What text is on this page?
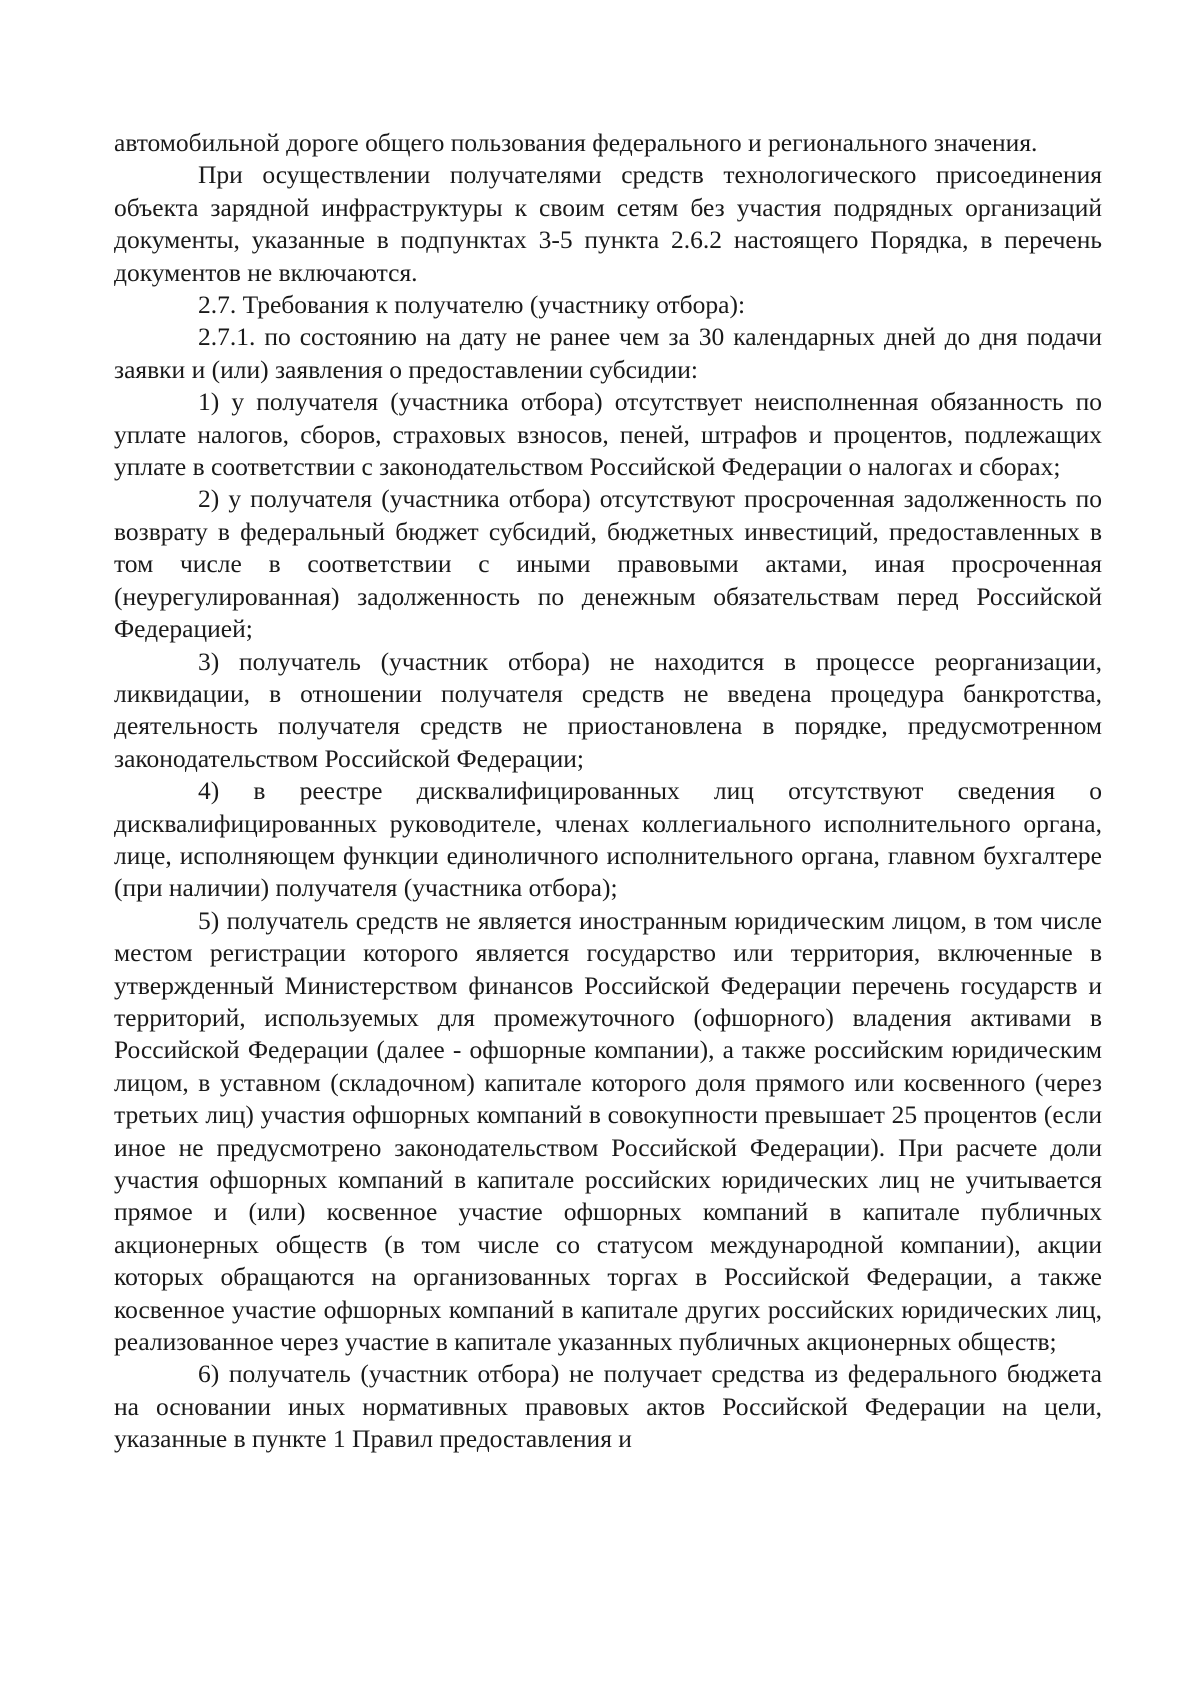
автомобильной дороге общего пользования федерального и регионального значения.

При осуществлении получателями средств технологического присоединения объекта зарядной инфраструктуры к своим сетям без участия подрядных организаций документы, указанные в подпунктах 3-5 пункта 2.6.2 настоящего Порядка, в перечень документов не включаются.

2.7. Требования к получателю (участнику отбора):

2.7.1. по состоянию на дату не ранее чем за 30 календарных дней до дня подачи заявки и (или) заявления о предоставлении субсидии:

1) у получателя (участника отбора) отсутствует неисполненная обязанность по уплате налогов, сборов, страховых взносов, пеней, штрафов и процентов, подлежащих уплате в соответствии с законодательством Российской Федерации о налогах и сборах;

2) у получателя (участника отбора) отсутствуют просроченная задолженность по возврату в федеральный бюджет субсидий, бюджетных инвестиций, предоставленных в том числе в соответствии с иными правовыми актами, иная просроченная (неурегулированная) задолженность по денежным обязательствам перед Российской Федерацией;

3) получатель (участник отбора) не находится в процессе реорганизации, ликвидации, в отношении получателя средств не введена процедура банкротства, деятельность получателя средств не приостановлена в порядке, предусмотренном законодательством Российской Федерации;

4) в реестре дисквалифицированных лиц отсутствуют сведения о дисквалифицированных руководителе, членах коллегиального исполнительного органа, лице, исполняющем функции единоличного исполнительного органа, главном бухгалтере (при наличии) получателя (участника отбора);

5) получатель средств не является иностранным юридическим лицом, в том числе местом регистрации которого является государство или территория, включенные в утвержденный Министерством финансов Российской Федерации перечень государств и территорий, используемых для промежуточного (офшорного) владения активами в Российской Федерации (далее - офшорные компании), а также российским юридическим лицом, в уставном (складочном) капитале которого доля прямого или косвенного (через третьих лиц) участия офшорных компаний в совокупности превышает 25 процентов (если иное не предусмотрено законодательством Российской Федерации). При расчете доли участия офшорных компаний в капитале российских юридических лиц не учитывается прямое и (или) косвенное участие офшорных компаний в капитале публичных акционерных обществ (в том числе со статусом международной компании), акции которых обращаются на организованных торгах в Российской Федерации, а также косвенное участие офшорных компаний в капитале других российских юридических лиц, реализованное через участие в капитале указанных публичных акционерных обществ;

6) получатель (участник отбора) не получает средства из федерального бюджета на основании иных нормативных правовых актов Российской Федерации на цели, указанные в пункте 1 Правил предоставления и
